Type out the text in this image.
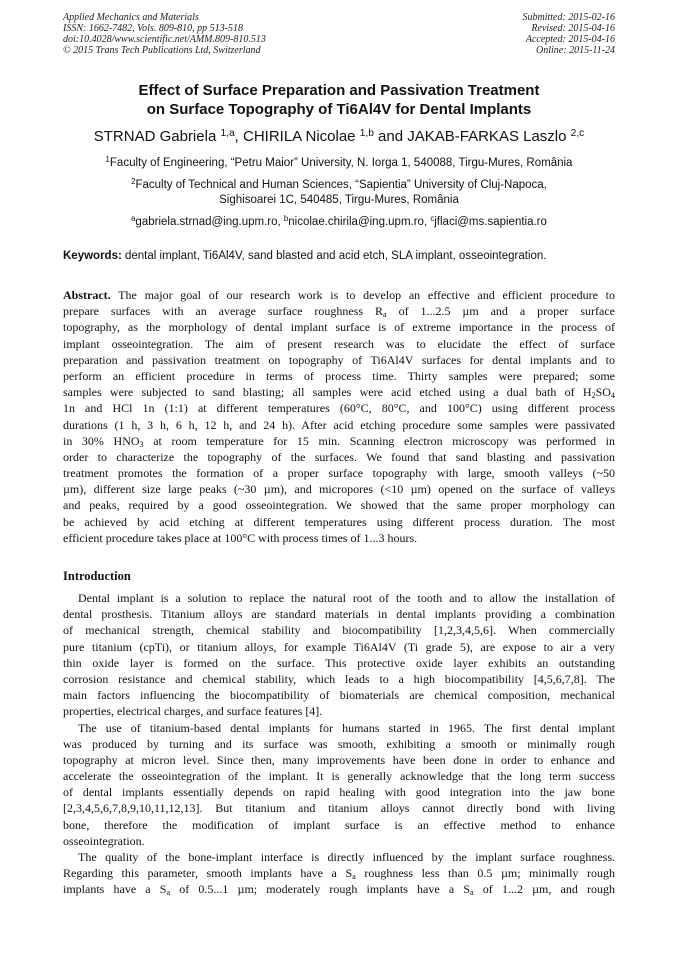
Applied Mechanics and Materials
ISSN: 1662-7482, Vols. 809-810, pp 513-518
doi:10.4028/www.scientific.net/AMM.809-810.513
© 2015 Trans Tech Publications Ltd, Switzerland
Submitted: 2015-02-16
Revised: 2015-04-16
Accepted: 2015-04-16
Online: 2015-11-24
Effect of Surface Preparation and Passivation Treatment
on Surface Topography of Ti6Al4V for Dental Implants
STRNAD Gabriela $^{1,a}$, CHIRILA Nicolae $^{1,b}$ and JAKAB-FARKAS Laszlo $^{2,c}$
$^1$Faculty of Engineering, “Petru Maior” University, N. Iorga 1, 540088, Tirgu-Mures, România
$^2$Faculty of Technical and Human Sciences, “Sapientia” University of Cluj-Napoca,
Sighisoarei 1C, 540485, Tirgu-Mures, România
$^a$gabriela.strnad@ing.upm.ro, $^b$nicolae.chirila@ing.upm.ro, $^c$jflaci@ms.sapientia.ro
Keywords: dental implant, Ti6Al4V, sand blasted and acid etch, SLA implant, osseointegration.
Abstract. The major goal of our research work is to develop an effective and efficient procedure to
prepare surfaces with an average surface roughness $R_a$ of 1...2.5 µm and a proper surface
topography, as the morphology of dental implant surface is of extreme importance in the process of
implant osseointegration. The aim of present research was to elucidate the effect of surface
preparation and passivation treatment on topography of Ti6Al4V surfaces for dental implants and to
perform an efficient procedure in terms of process time. Thirty samples were prepared; some
samples were subjected to sand blasting; all samples were acid etched using a dual bath of $H_2SO_4$
1n and HCl 1n (1:1) at different temperatures (60°C, 80°C, and 100°C) using different process
durations (1 h, 3 h, 6 h, 12 h, and 24 h). After acid etching procedure some samples were passivated
in 30% $HNO_3$ at room temperature for 15 min. Scanning electron microscopy was performed in
order to characterize the topography of the surfaces. We found that sand blasting and passivation
treatment promotes the formation of a proper surface topography with large, smooth valleys (~50
µm), different size large peaks (~30 µm), and micropores (<10 µm) opened on the surface of valleys
and peaks, required by a good osseointegration. We showed that the same proper morphology can
be achieved by acid etching at different temperatures using different process duration. The most
efficient procedure takes place at 100°C with process times of 1...3 hours.
Introduction
Dental implant is a solution to replace the natural root of the tooth and to allow the installation of
dental prosthesis. Titanium alloys are standard materials in dental implants providing a combination
of mechanical strength, chemical stability and biocompatibility [1,2,3,4,5,6]. When commercially
pure titanium (cpTi), or titanium alloys, for example Ti6Al4V (Ti grade 5), are expose to air a very
thin oxide layer is formed on the surface. This protective oxide layer exhibits an outstanding
corrosion resistance and chemical stability, which leads to a high biocompatibility [4,5,6,7,8]. The
main factors influencing the biocompatibility of biomaterials are chemical composition, mechanical
properties, electrical charges, and surface features [4].
The use of titanium-based dental implants for humans started in 1965. The first dental implant
was produced by turning and its surface was smooth, exhibiting a smooth or minimally rough
topography at micron level. Since then, many improvements have been done in order to enhance and
accelerate the osseointegration of the implant. It is generally acknowledge that the long term success
of dental implants essentially depends on rapid healing with good integration into the jaw bone
[2,3,4,5,6,7,8,9,10,11,12,13]. But titanium and titanium alloys cannot directly bond with living
bone, therefore the modification of implant surface is an effective method to enhance
osseointegration.
The quality of the bone-implant interface is directly influenced by the implant surface roughness.
Regarding this parameter, smooth implants have a $S_a$ roughness less than 0.5 µm; minimally rough
implants have a $S_a$ of 0.5...1 µm; moderately rough implants have a $S_a$ of 1...2 µm, and rough
